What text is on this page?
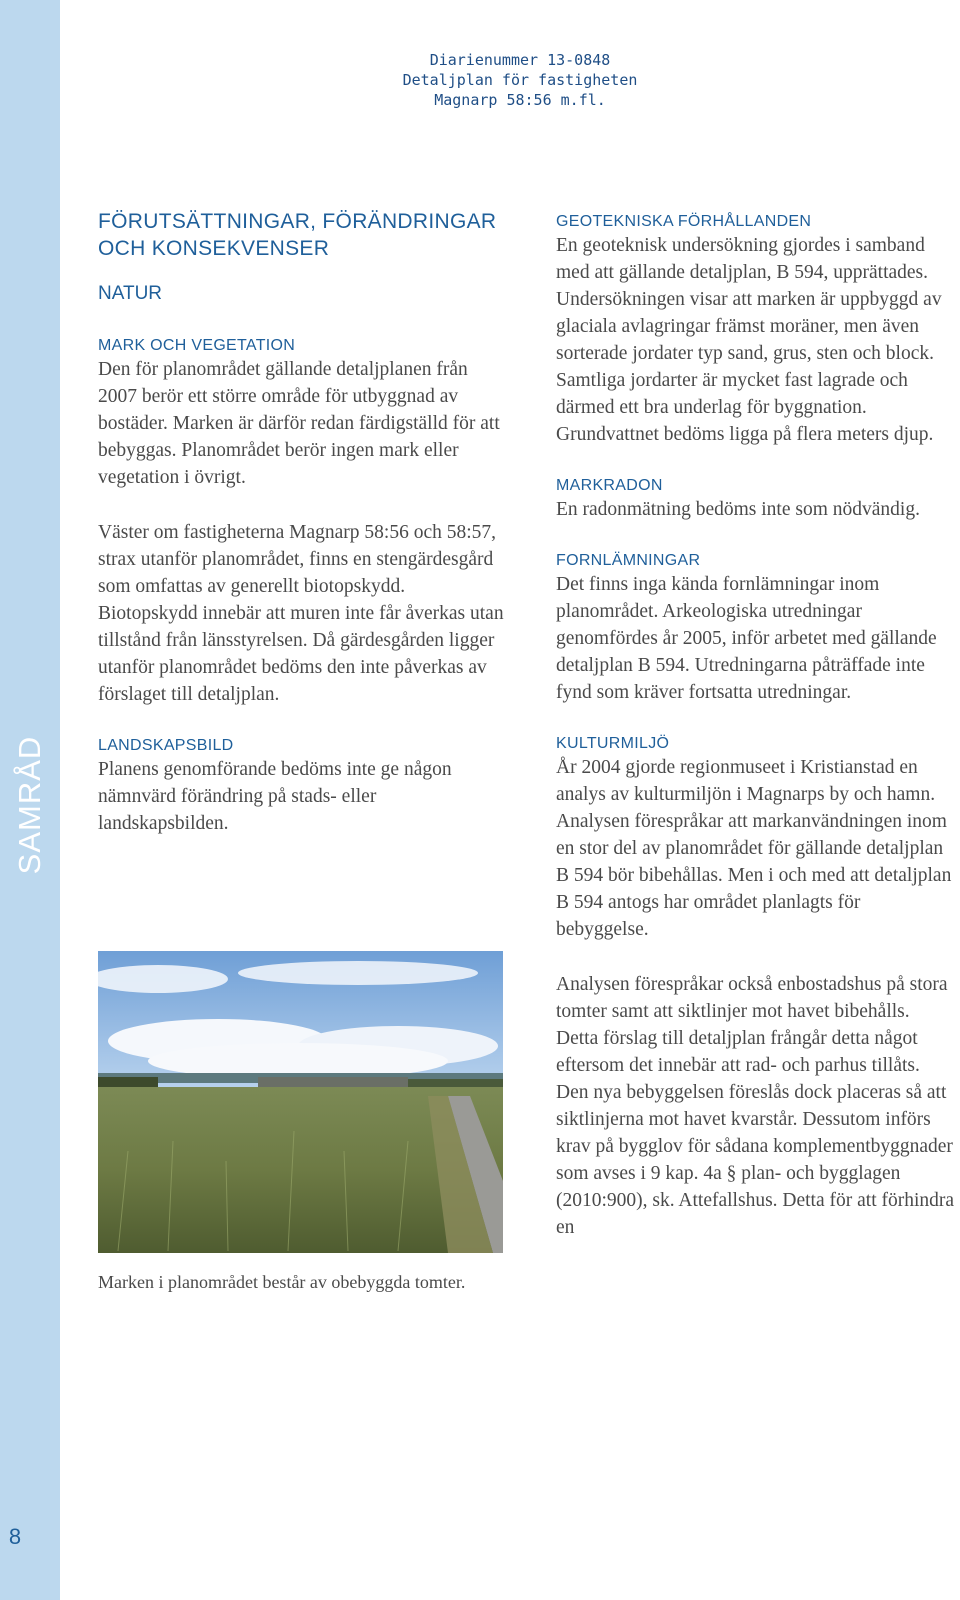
SAMRÅD
8
Diarienummer 13-0848
Detaljplan för fastigheten
Magnarp 58:56 m.fl.
FÖRUTSÄTTNINGAR, FÖRÄNDRINGAR
OCH KONSEKVENSER
NATUR
MARK OCH VEGETATION

Den för planområdet gällande detaljplanen från 2007 berör ett större område för utbyggnad av bostäder. Marken är därför redan färdigställd för att bebyggas. Planområdet berör ingen mark eller vegetation i övrigt.

Väster om fastigheterna Magnarp 58:56 och 58:57, strax utanför planområdet, finns en stengärdesgård som omfattas av generellt biotopskydd. Biotopskydd innebär att muren inte får åverkas utan tillstånd från länsstyrelsen. Då gärdesgården ligger utanför planområdet bedöms den inte påverkas av förslaget till detaljplan.

LANDSKAPSBILD

Planens genomförande bedöms inte ge någon nämnvärd förändring på stads- eller landskapsbilden.

Marken i planområdet består av obebyggda tomter.
GEOTEKNISKA FÖRHÅLLANDEN

En geoteknisk undersökning gjordes i samband med att gällande detaljplan, B 594, upprättades. Undersökningen visar att marken är uppbyggd av glaciala avlagringar främst moräner, men även sorterade jordater typ sand, grus, sten och block. Samtliga jordarter är mycket fast lagrade och därmed ett bra underlag för byggnation. Grundvattnet bedöms ligga på flera meters djup.

MARKRADON

En radonmätning bedöms inte som nödvändig.

FORNLÄMNINGAR

Det finns inga kända fornlämningar inom planområdet. Arkeologiska utredningar genomfördes år 2005, inför arbetet med gällande detaljplan B 594. Utredningarna påträffade inte fynd som kräver fortsatta utredningar.

KULTURMILJÖ

År 2004 gjorde regionmuseet i Kristianstad en analys av kulturmiljön i Magnarps by och hamn. Analysen förespråkar att markanvändningen inom en stor del av planområdet för gällande detaljplan B 594 bör bibehållas. Men i och med att detaljplan B 594 antogs har området planlagts för bebyggelse.

Analysen förespråkar också enbostadshus på stora tomter samt att siktlinjer mot havet bibehålls. Detta förslag till detaljplan frångår detta något eftersom det innebär att rad- och parhus tillåts. Den nya bebyggelsen föreslås dock placeras så att siktlinjerna mot havet kvarstår. Dessutom införs krav på bygglov för sådana komplementbyggnader som avses i 9 kap. 4a § plan- och bygglagen (2010:900), sk. Attefallshus. Detta för att förhindra en
